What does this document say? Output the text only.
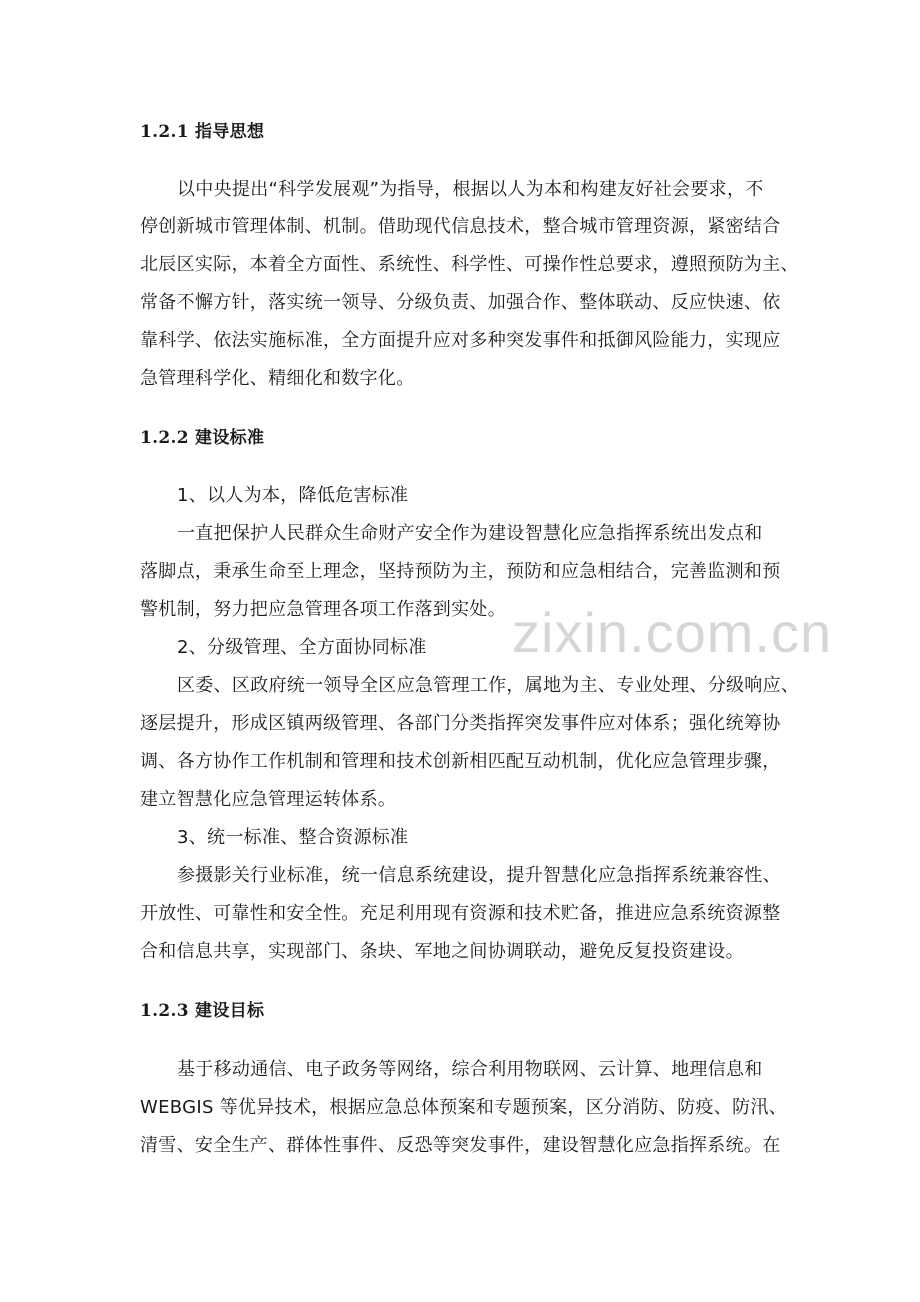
zixin.com.cn
1.2.1 指导思想
以中央提出“科学发展观”为指导，根据以人为本和构建友好社会要求，不
停创新城市管理体制、机制。借助现代信息技术，整合城市管理资源，紧密结合
北辰区实际，本着全方面性、系统性、科学性、可操作性总要求，遵照预防为主、
常备不懈方针，落实统一领导、分级负责、加强合作、整体联动、反应快速、依
靠科学、依法实施标准，全方面提升应对多种突发事件和抵御风险能力，实现应
急管理科学化、精细化和数字化。
1.2.2 建设标准
1、以人为本，降低危害标准
一直把保护人民群众生命财产安全作为建设智慧化应急指挥系统出发点和
落脚点，秉承生命至上理念，坚持预防为主，预防和应急相结合，完善监测和预
警机制，努力把应急管理各项工作落到实处。
2、分级管理、全方面协同标准
区委、区政府统一领导全区应急管理工作，属地为主、专业处理、分级响应、
逐层提升，形成区镇两级管理、各部门分类指挥突发事件应对体系；强化统筹协
调、各方协作工作机制和管理和技术创新相匹配互动机制，优化应急管理步骤，
建立智慧化应急管理运转体系。
3、统一标准、整合资源标准
参摄影关行业标准，统一信息系统建设，提升智慧化应急指挥系统兼容性、
开放性、可靠性和安全性。充足利用现有资源和技术贮备，推进应急系统资源整
合和信息共享，实现部门、条块、军地之间协调联动，避免反复投资建设。
1.2.3 建设目标
基于移动通信、电子政务等网络，综合利用物联网、云计算、地理信息和
WEBGIS 等优异技术，根据应急总体预案和专题预案，区分消防、防疫、防汛、
清雪、安全生产、群体性事件、反恐等突发事件，建设智慧化应急指挥系统。在
